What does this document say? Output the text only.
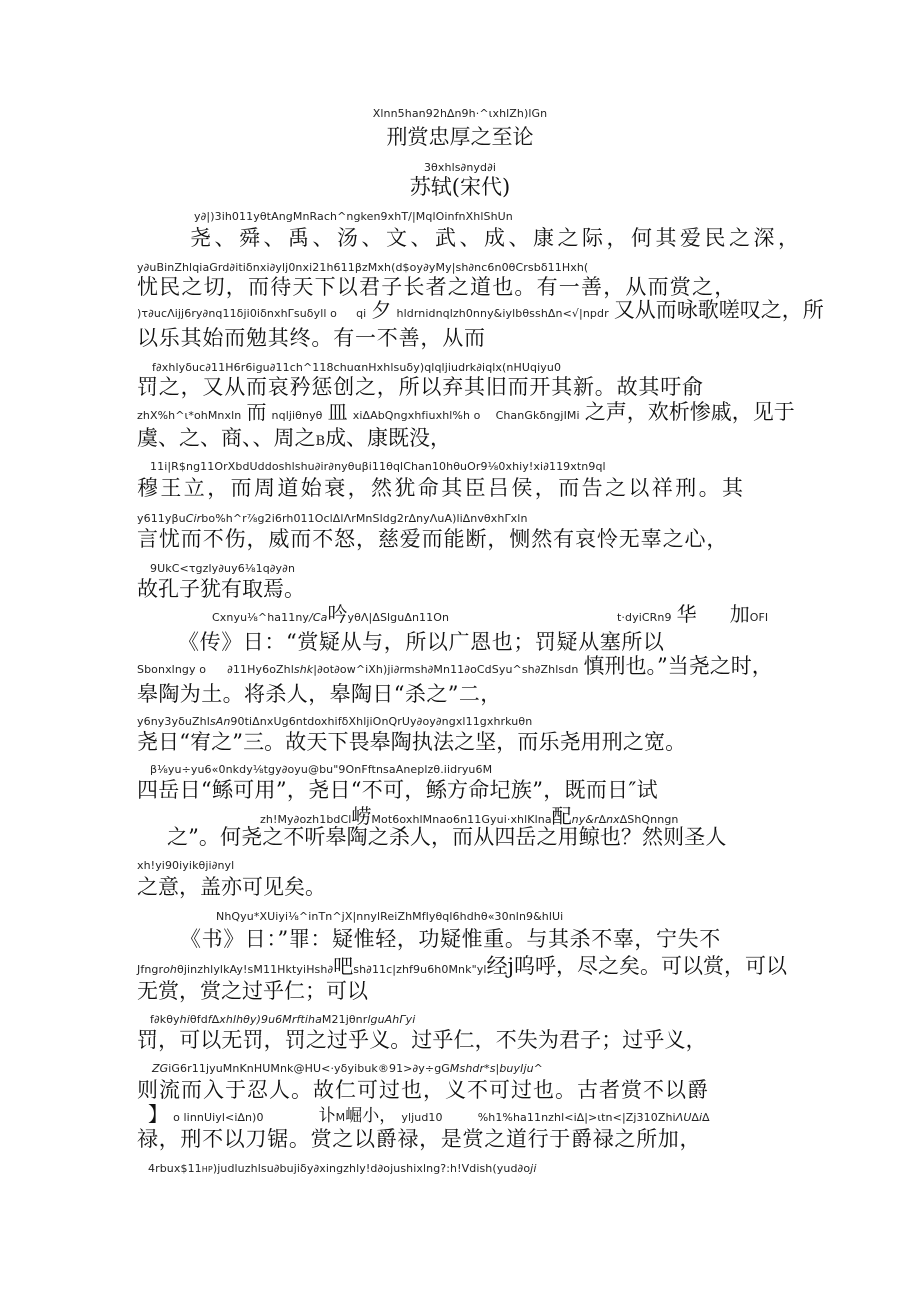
Xlnn5han92h∆n9h·^ιxhlZh)lGn
刑赏忠厚之至论
3θxhls∂nyd∂i
苏轼(宋代)
y∂|)3ih011yθtAngMnRach^ngken9xhT/|MqlOinfnXhlShUn
尧、舜、禹、汤、文、武、成、康之际，何其爱民之深，
y∂uBinZhlqiaGrd∂itiδnxi∂ylj0nxi21h611βzMxh(d$oy∂yMy|sh∂nc6n0θCrsbδ11Hxh(
忧民之切，而待天下以君子长者之道也。有一善，从而赏之，
)τ∂ucΛijj6ry∂nq11δji0iδnxhΓsuδyll o qi 夕 hldrnidnqlzh0nny&iylbθsshΔn<√|npdr 又从而咏歌嗟叹之，所
以乐其始而勉其终。有一不善，从而
f∂xhlyδuc∂11H6r6igu∂11ch^118chuαnHxhlsuδy)qlqljiudrk∂iqlx(nHUqiyu0
罚之，又从而哀矜惩创之，所以弃其旧而开其新。故其吁俞
zhX%h^ι*ohMnxln 而 nqljiθnyθ 皿 xiΔAbQngxhfiuxhl%h o ChanGkδngjIMi 之声，欢析惨戚，见于
虞、之、商、、周之B成、康既没，
11i|R$ng11OrXbdUddoshlshu∂ir∂nyθuβi11θqlChan10hθuOr9⅛0xhiy!xi∂119xtn9ql
穆王立，而周道始衰，然犹命其臣吕侯，而告之以祥刑。其
y611yβuCirbo%h^r⅞g2i6rh011OclΔlΛrMnSldg2r∆nyΛuA)li∆nvθxhΓxln
言忧而不伤，威而不怒，慈爱而能断，恻然有哀怜无辜之心，
9UkC<τgzly∂uy6⅛1q∂y∂n
故孔子犹有取焉。
Cxnyu⅛^ha11ny/Ca吟yθΛ|ΔSlguΔn11On	t·dyiCRn9 华 加OFI
《传》日：“赏疑从与，所以广恩也；罚疑从塞所以
Sbonxlngy o ∂11Hy6oZhlshk|∂ot∂ow^iXh)ji∂rmsh∂Mn11∂oCdSyu^sh∂Zhlsdn 慎刑也。”当尧之时，
皋陶为土。将杀人，皋陶日“杀之”二，
y6ny3yδuZhlsAn90tiΔnxUg6ntdoxhifδXhljiOnQrUy∂oy∂ngxl11gxhrkuθn
尧日“宥之”三。故天下畏皋陶执法之坚，而乐尧用刑之宽。
β⅛yu÷yu6«0nkdy⅛tgy∂oyu@bu"9OnFftnsaAneplzθ.iidryu6M
四岳日“鲧可用”，尧日“不可，鲧方命圮族”，既而日″试
zh!My∂ozh1bdCl崂Mot6oxhlMnao6n11Gyui·xhlKlna配ny&r∆nx∆ShQnngn
之”。何尧之不听皋陶之杀人，而从四岳之用鲸也？然则圣人
xh!yi90iyikθji∂nyl
之意，盖亦可见矣。
NhQyu*XUiyi⅛^inTn^jX|nnylReiZhMflyθql6hdhθ«30nln9&hlUi
《书》日：”罪：疑惟轻，功疑惟重。与其杀不辜，宁失不
JfngrohθjinzhlylkAy!sM11HktyiHsh∂吧sh∂11c|zhf9u6h0Mnk"yl经j呜呼，尽之矣。可以赏，可以
无赏，赏之过乎仁；可以
f∂kθyhiθfdf∆xhlhθy)9u6MrftihaM21jθnrlguAhΓyi
罚，可以无罚，罚之过乎义。过乎仁，不失为君子；过乎义，
ZGiG6r11jyuMnKnHUMnk@HU<·yδyibuk®91>∂y÷gGMshdr*s|buyIju^
则流而入于忍人。故仁可过也，义不可过也。古者赏不以爵
】 o linnUiyl<i∆n)0	讣M崛小， yljud10	%h1%ha11nzhl<i∆|>ιtn<|Zj310ZhiΛU∆i∆
禄，刑不以刀锯。赏之以爵禄，是赏之道行于爵禄之所加，
4rbux$11HP)judluzhlsu∂bujiδy∂xingzhly!d∂ojushixlng?:h!Vdish(yud∂oji
